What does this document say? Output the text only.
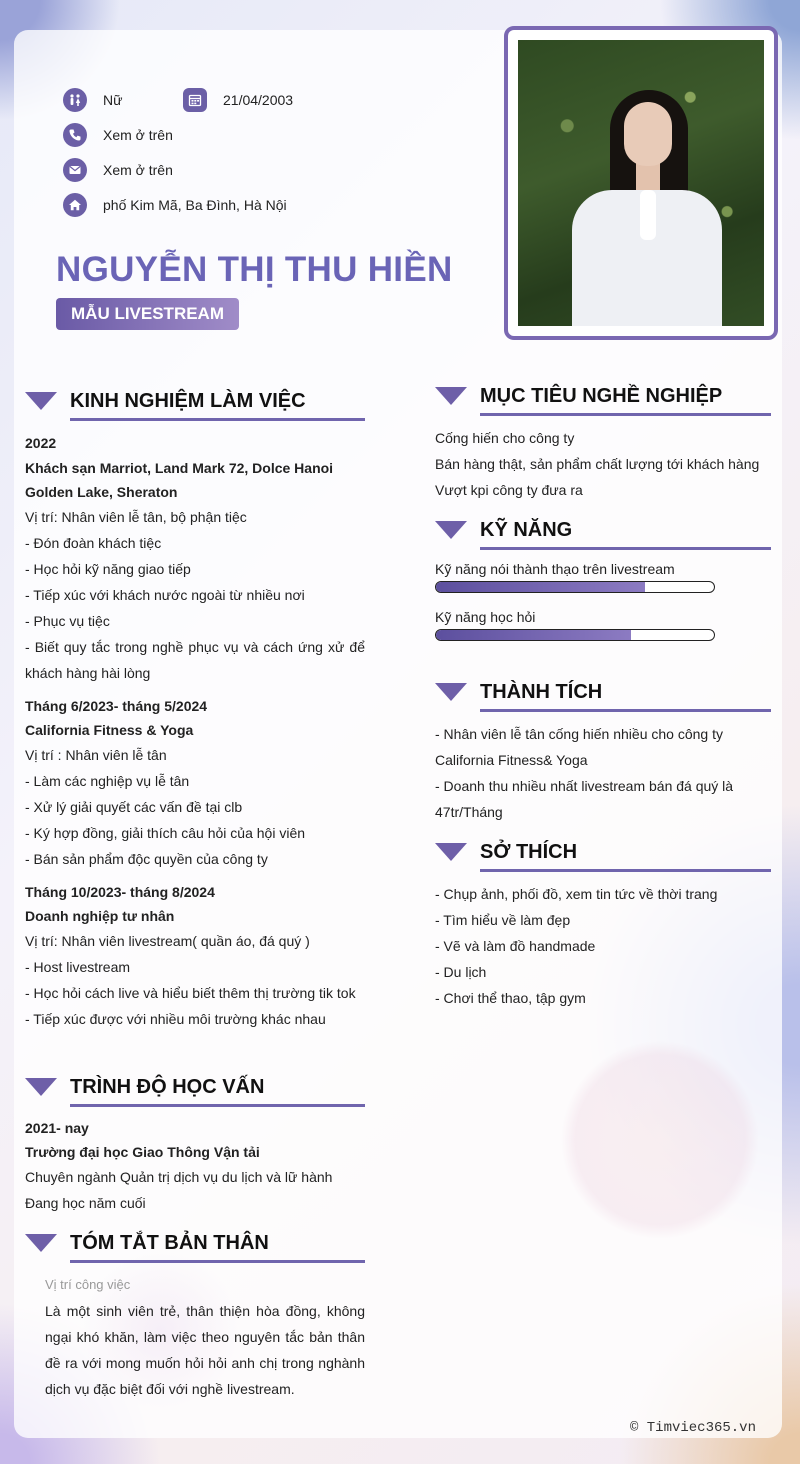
Nữ	21/04/2003
Xem ở trên
Xem ở trên
phố Kim Mã, Ba Đình, Hà Nội
NGUYỄN THỊ THU HIỀN
MẪU LIVESTREAM
KINH NGHIỆM LÀM VIỆC
2022
Khách sạn Marriot, Land Mark 72, Dolce Hanoi Golden Lake, Sheraton
Vị trí: Nhân viên lễ tân, bộ phận tiệc
- Đón đoàn khách tiệc
- Học hỏi kỹ năng giao tiếp
- Tiếp xúc với khách nước ngoài từ nhiều nơi
- Phục vụ tiệc
- Biết quy tắc trong nghề phục vụ và cách ứng xử để khách hàng hài lòng
Tháng 6/2023- tháng 5/2024
California Fitness & Yoga
Vị trí : Nhân viên lễ tân
- Làm các nghiệp vụ lễ tân
- Xử lý giải quyết các vấn đề tại clb
- Ký hợp đồng, giải thích câu hỏi của hội viên
- Bán sản phẩm độc quyền của công ty
Tháng 10/2023- tháng 8/2024
Doanh nghiệp tư nhân
Vị trí: Nhân viên livestream( quần áo, đá quý )
- Host livestream
- Học hỏi cách live và hiểu biết thêm thị trường tik tok
- Tiếp xúc được với nhiều môi trường khác nhau
TRÌNH ĐỘ HỌC VẤN
2021- nay
Trường đại học Giao Thông Vận tải
Chuyên ngành Quản trị dịch vụ du lịch và lữ hành
Đang học năm cuối
TÓM TẮT BẢN THÂN
Vị trí công việc
Là một sinh viên trẻ, thân thiện hòa đồng, không ngại khó khăn, làm việc theo nguyên tắc bản thân đề ra với mong muốn hỏi hỏi anh chị trong nghành dịch vụ đặc biệt đối với nghề livestream.
MỤC TIÊU NGHỀ NGHIỆP
Cống hiến cho công ty
Bán hàng thật, sản phẩm chất lượng tới khách hàng
Vượt kpi công ty đưa ra
KỸ NĂNG
Kỹ năng nói thành thạo trên livestream
Kỹ năng học hỏi
THÀNH TÍCH
- Nhân viên lễ tân cống hiến nhiều cho công ty California Fitness& Yoga
- Doanh thu nhiều nhất livestream bán đá quý là 47tr/Tháng
SỞ THÍCH
- Chụp ảnh, phối đồ, xem tin tức về thời trang
- Tìm hiểu về làm đẹp
- Vẽ và làm đồ handmade
- Du lịch
- Chơi thể thao, tập gym
© Timviec365.vn
